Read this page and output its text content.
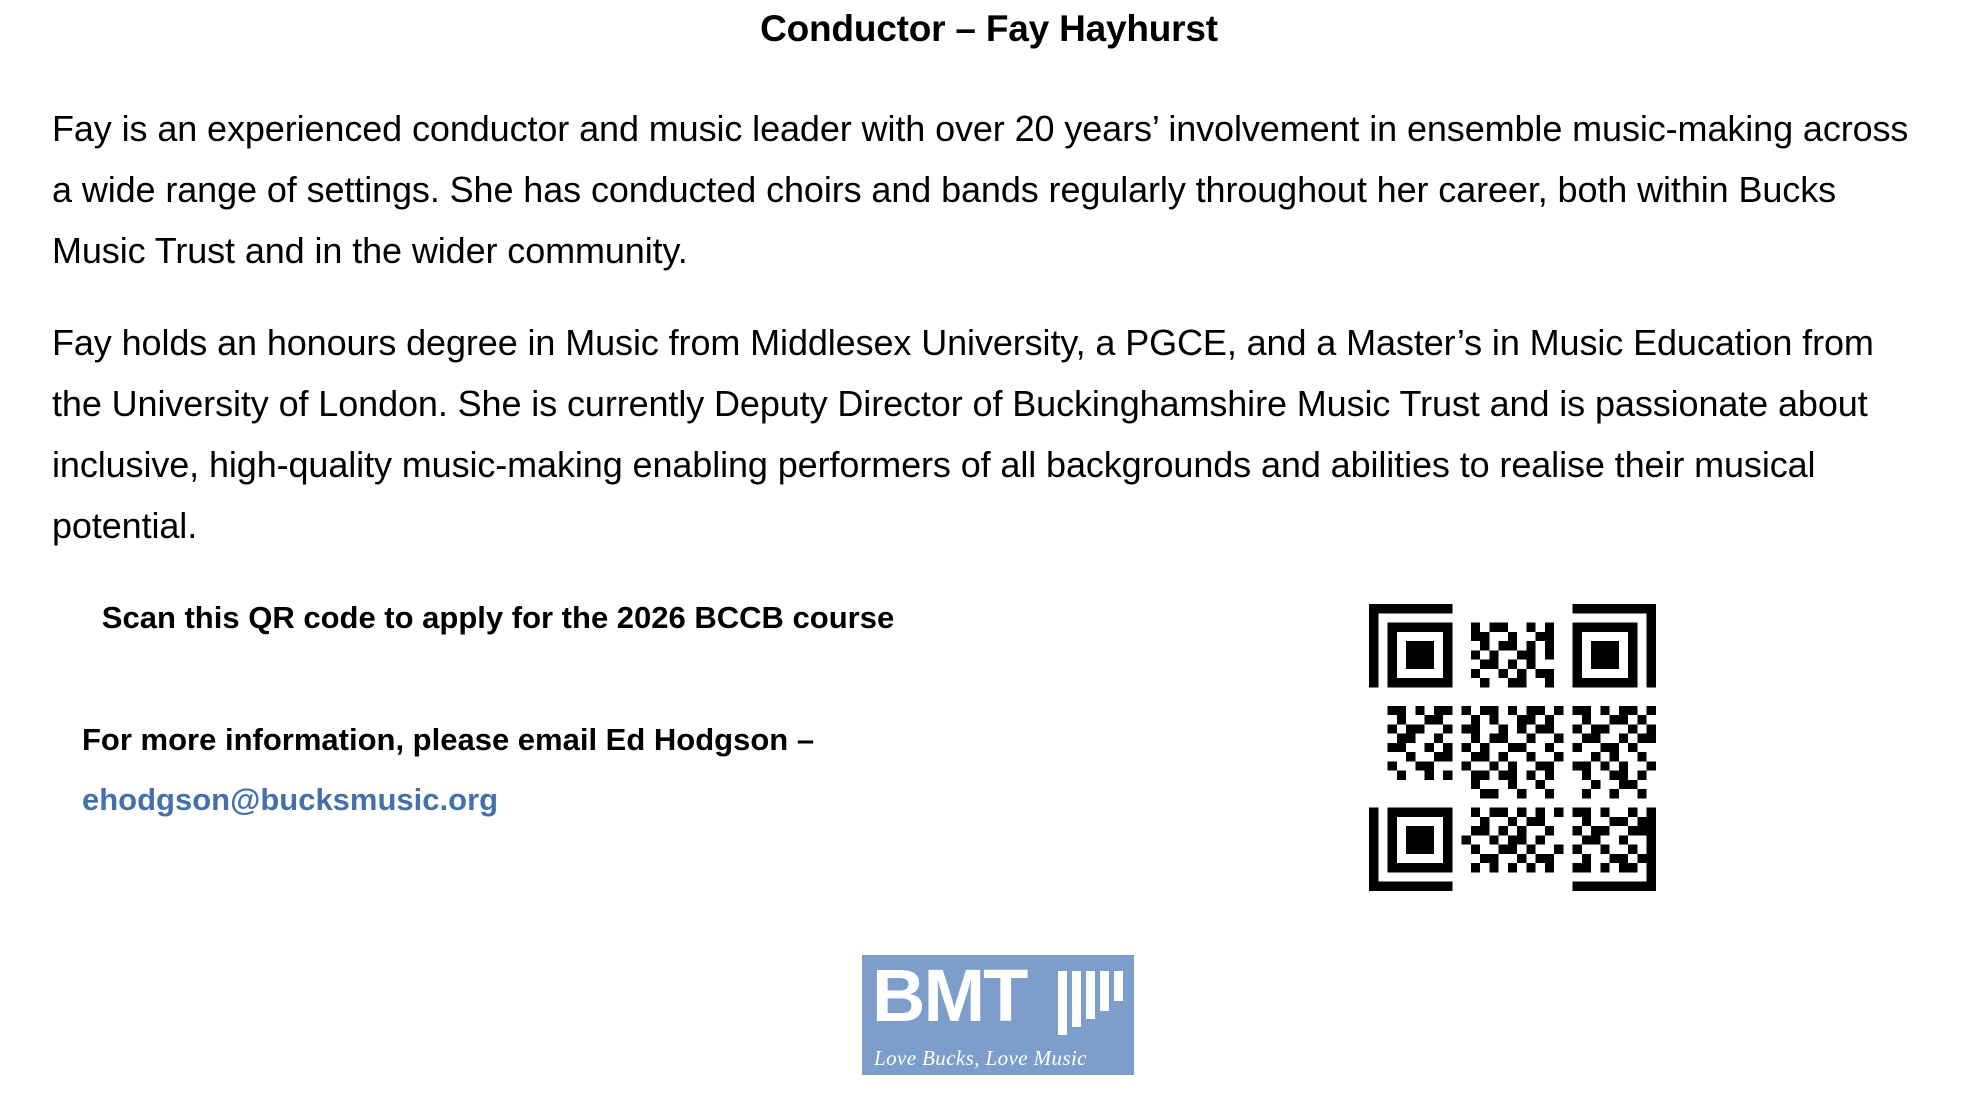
Conductor – Fay Hayhurst

Fay is an experienced conductor and music leader with over 20 years’ involvement in ensemble music-making across a wide range of settings. She has conducted choirs and bands regularly throughout her career, both within Bucks Music Trust and in the wider community.

Fay holds an honours degree in Music from Middlesex University, a PGCE, and a Master’s in Music Education from the University of London. She is currently Deputy Director of Buckinghamshire Music Trust and is passionate about inclusive, high-quality music-making enabling performers of all backgrounds and abilities to realise their musical potential.

Scan this QR code to apply for the 2026 BCCB course

For more information, please email Ed Hodgson – ehodgson@bucksmusic.org

BMT
Love Bucks, Love Music
